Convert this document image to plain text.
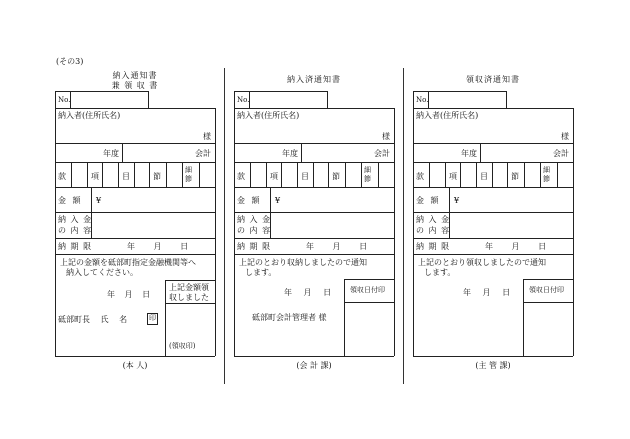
(その3)
納入通知書
兼 領 収 書
No.
納入者(住所氏名)
様
年度	会計
款	項	目	節
細節
金 額 ¥
納 入 金
の 内 容
納 期 限	年 月 日
上記の金額を砥部町指定金融機関等へ
納入してください。
年 月 日
上記金額領
収しました
(領収印)
砥部町長 氏 名	印
(本 人)
納入済通知書
No.
納入者(住所氏名)
様
年度	会計
款	項	目	節
細節
金 額 ¥
納 入 金
の 内 容
納 期 限	年 月 日
上記のとおり収納しましたので通知
します。
年 月 日	領収日付印
砥部町会計管理者 様
(会 計 課)
領収済通知書
No.
納入者(住所氏名)
様
年度	会計
款	項	目	節
細節
金 額 ¥
納 入 金
の 内 容
納 期 限	年 月 日
上記のとおり領収しましたので通知
します。
年 月 日	領収日付印
(主 管 課)
